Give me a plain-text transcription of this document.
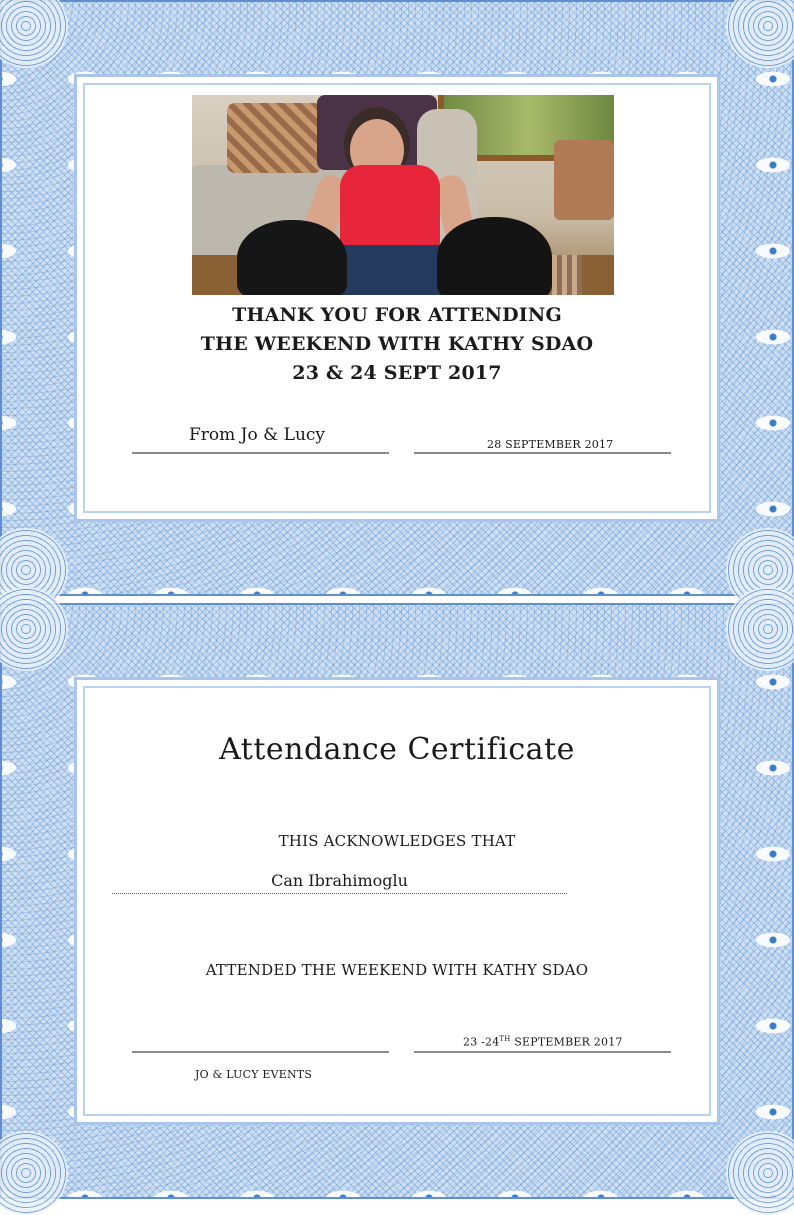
THANK YOU FOR ATTENDING
THE WEEKEND WITH KATHY SDAO
23 & 24 SEPT 2017
From Jo & Lucy	28 SEPTEMBER 2017
Attendance Certificate
THIS ACKNOWLEDGES THAT
Can Ibrahimoglu
ATTENDED THE WEEKEND WITH KATHY SDAO
23 -24TH SEPTEMBER 2017
JO & LUCY EVENTS
